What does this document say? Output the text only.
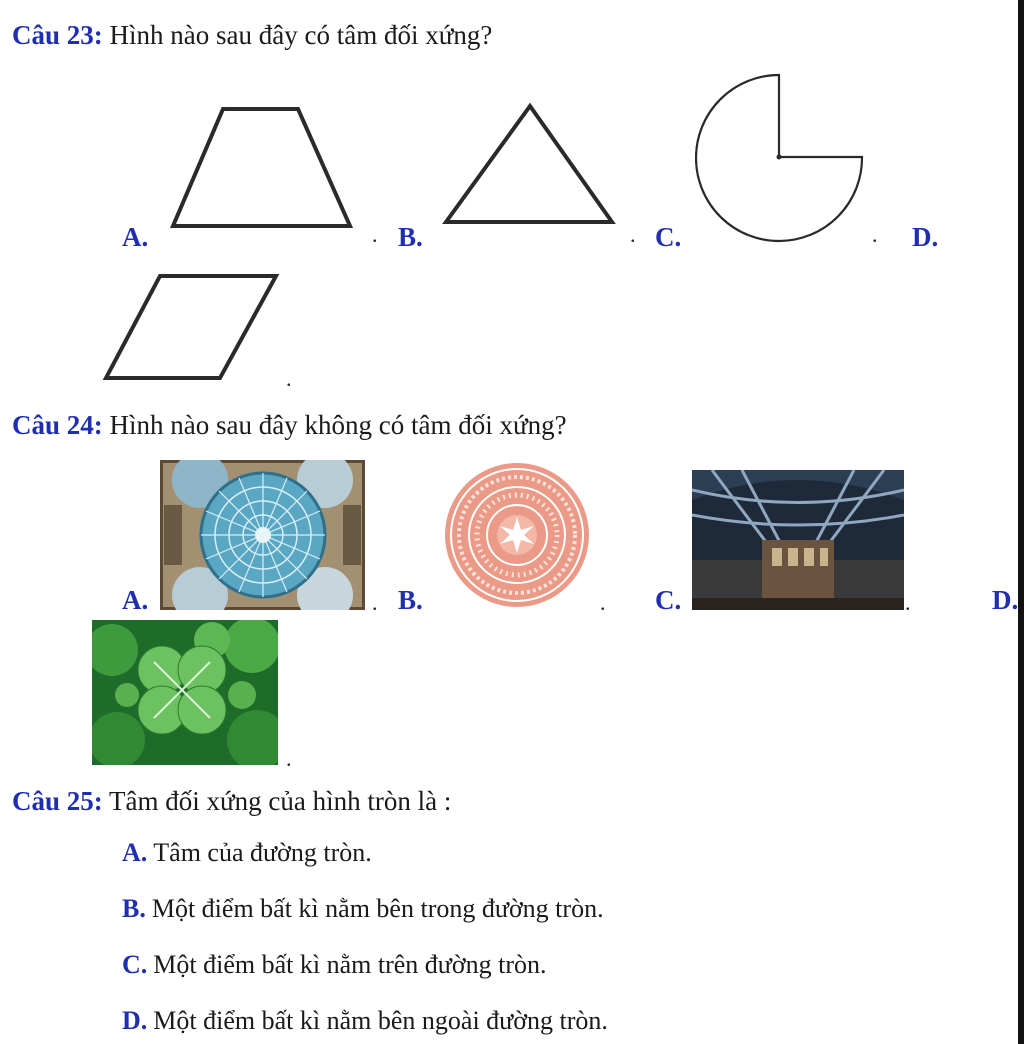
Câu 23: Hình nào sau đây có tâm đối xứng?
A.	. B.	. C.	. D.
.
Câu 24: Hình nào sau đây không có tâm đối xứng?
A.	. B.	. C.	.	D.
.
Câu 25: Tâm đối xứng của hình tròn là :
A. Tâm của đường tròn.
B. Một điểm bất kì nằm bên trong đường tròn.
C. Một điểm bất kì nằm trên đường tròn.
D. Một điểm bất kì nằm bên ngoài đường tròn.
